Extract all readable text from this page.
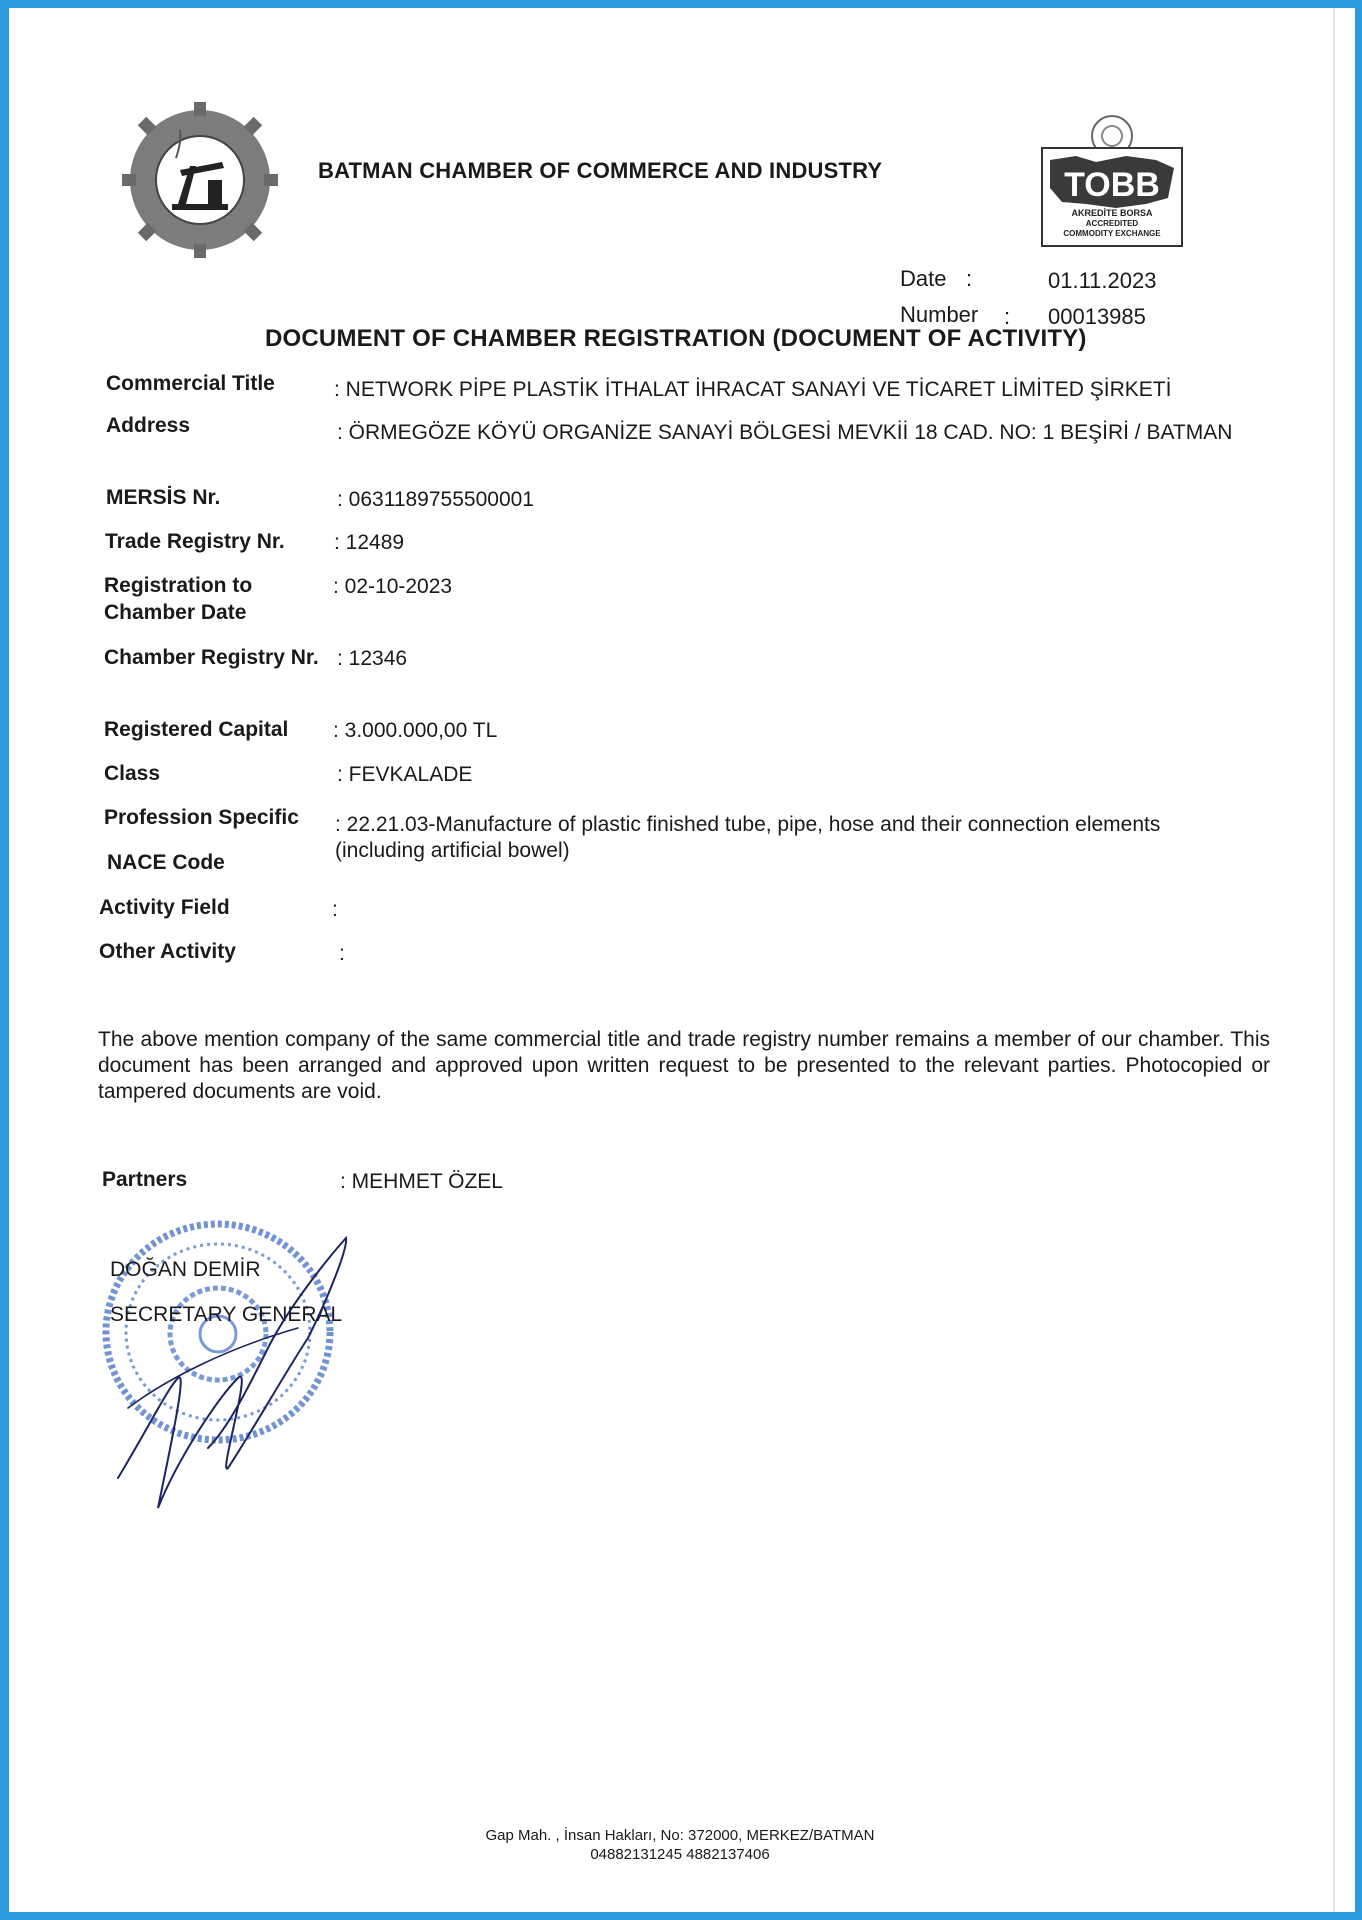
BATMAN CHAMBER OF COMMERCE AND INDUSTRY	TOBB
AKREDİTE BORSA
ACCREDITED
COMMODITY EXCHANGE
Date :	01.11.2023
Number : 00013985
DOCUMENT OF CHAMBER REGISTRATION (DOCUMENT OF ACTIVITY)
Commercial Title	: NETWORK PİPE PLASTİK İTHALAT İHRACAT SANAYİ VE TİCARET LİMİTED ŞİRKETİ
Address	: ÖRMEGÖZE KÖYÜ ORGANİZE SANAYİ BÖLGESİ MEVKİİ 18 CAD. NO: 1 BEŞİRİ / BATMAN
MERSİS Nr.	: 0631189755500001
Trade Registry Nr. : 12489
Registration to Chamber Date
: 02-10-2023
Chamber Registry Nr. : 12346
Registered Capital : 3.000.000,00 TL
Class	: FEVKALADE
Profession Specific
NACE Code
: 22.21.03-Manufacture of plastic finished tube, pipe, hose and their connection elements (including artificial bowel)
Activity Field	:
Other Activity	:
The above mention company of the same commercial title and trade registry number remains a member of our chamber. This document has been arranged and approved upon written request to be presented to the relevant parties. Photocopied or tampered documents are void.
Partners	: MEHMET ÖZEL
DOĞAN DEMİR
SECRETARY GENERAL
Gap Mah. , İnsan Hakları, No: 372000, MERKEZ/BATMAN
04882131245 4882137406
